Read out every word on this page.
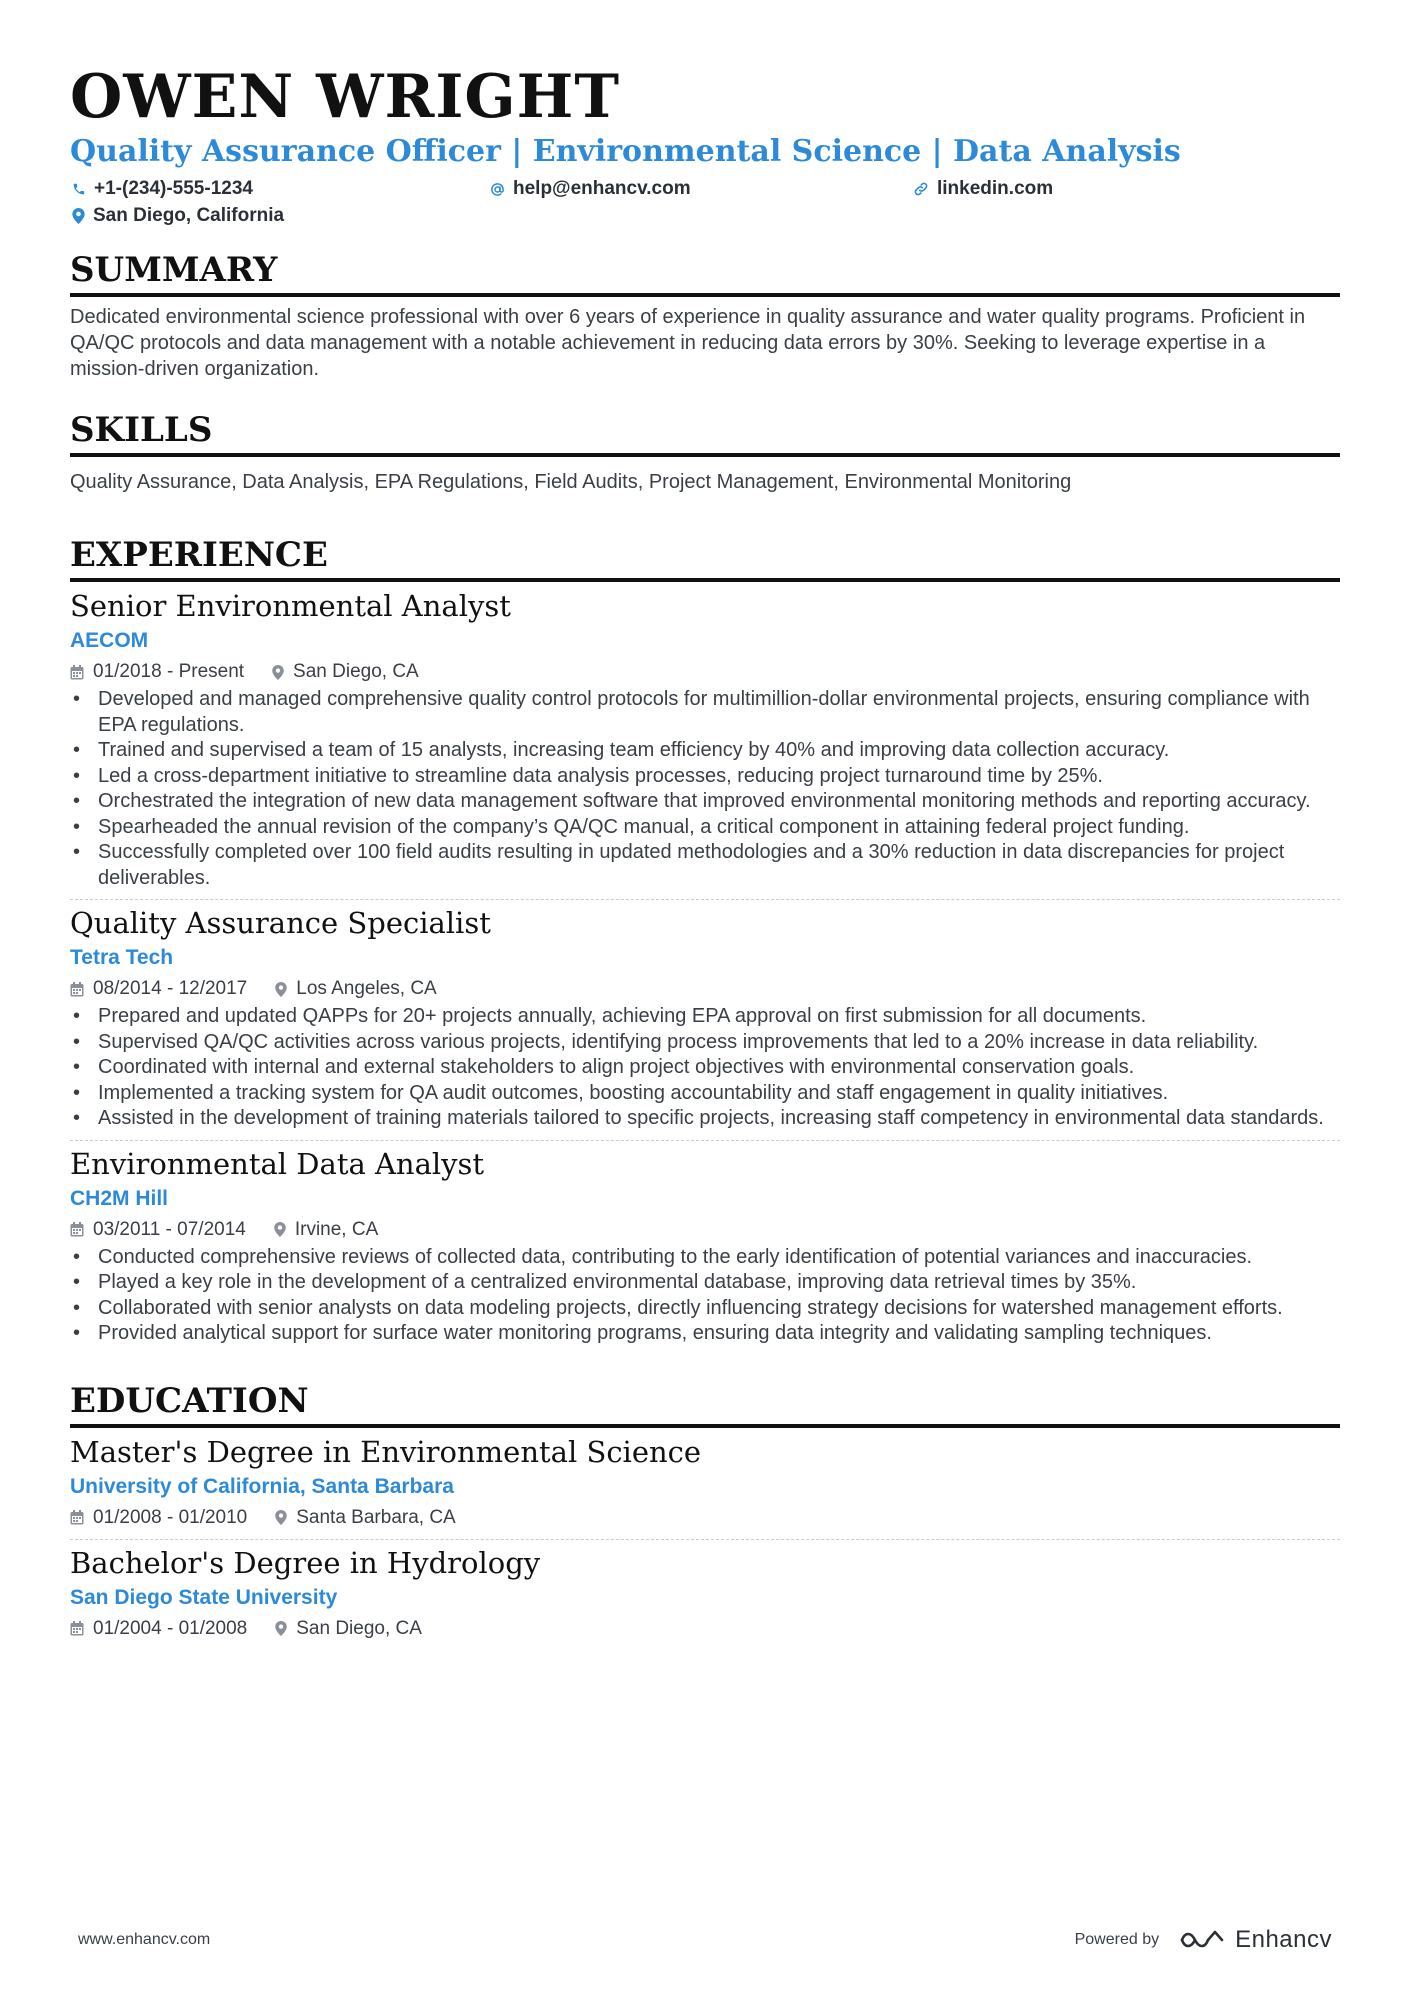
OWEN WRIGHT
Quality Assurance Officer | Environmental Science | Data Analysis
+1-(234)-555-1234	help@enhancv.com	linkedin.com
San Diego, California
SUMMARY

Dedicated environmental science professional with over 6 years of experience in quality assurance and water quality programs. Proficient in QA/QC protocols and data management with a notable achievement in reducing data errors by 30%. Seeking to leverage expertise in a mission-driven organization.

SKILLS

Quality Assurance, Data Analysis, EPA Regulations, Field Audits, Project Management, Environmental Monitoring

EXPERIENCE
Senior Environmental Analyst
AECOM
01/2018 - Present	San Diego, CA
• Developed and managed comprehensive quality control protocols for multimillion-dollar environmental projects, ensuring compliance with EPA regulations.
• Trained and supervised a team of 15 analysts, increasing team efficiency by 40% and improving data collection accuracy.
• Led a cross-department initiative to streamline data analysis processes, reducing project turnaround time by 25%.
• Orchestrated the integration of new data management software that improved environmental monitoring methods and reporting accuracy.
• Spearheaded the annual revision of the company’s QA/QC manual, a critical component in attaining federal project funding.
• Successfully completed over 100 field audits resulting in updated methodologies and a 30% reduction in data discrepancies for project deliverables.
Quality Assurance Specialist
Tetra Tech
08/2014 - 12/2017	Los Angeles, CA
• Prepared and updated QAPPs for 20+ projects annually, achieving EPA approval on first submission for all documents.
• Supervised QA/QC activities across various projects, identifying process improvements that led to a 20% increase in data reliability.
• Coordinated with internal and external stakeholders to align project objectives with environmental conservation goals.
• Implemented a tracking system for QA audit outcomes, boosting accountability and staff engagement in quality initiatives.
• Assisted in the development of training materials tailored to specific projects, increasing staff competency in environmental data standards.
Environmental Data Analyst
CH2M Hill
03/2011 - 07/2014	Irvine, CA
• Conducted comprehensive reviews of collected data, contributing to the early identification of potential variances and inaccuracies.
• Played a key role in the development of a centralized environmental database, improving data retrieval times by 35%.
• Collaborated with senior analysts on data modeling projects, directly influencing strategy decisions for watershed management efforts.
• Provided analytical support for surface water monitoring programs, ensuring data integrity and validating sampling techniques.
EDUCATION
Master's Degree in Environmental Science
University of California, Santa Barbara
01/2008 - 01/2010	Santa Barbara, CA
Bachelor's Degree in Hydrology
San Diego State University
01/2004 - 01/2008	San Diego, CA
www.enhancv.com	Powered by	Enhancv
